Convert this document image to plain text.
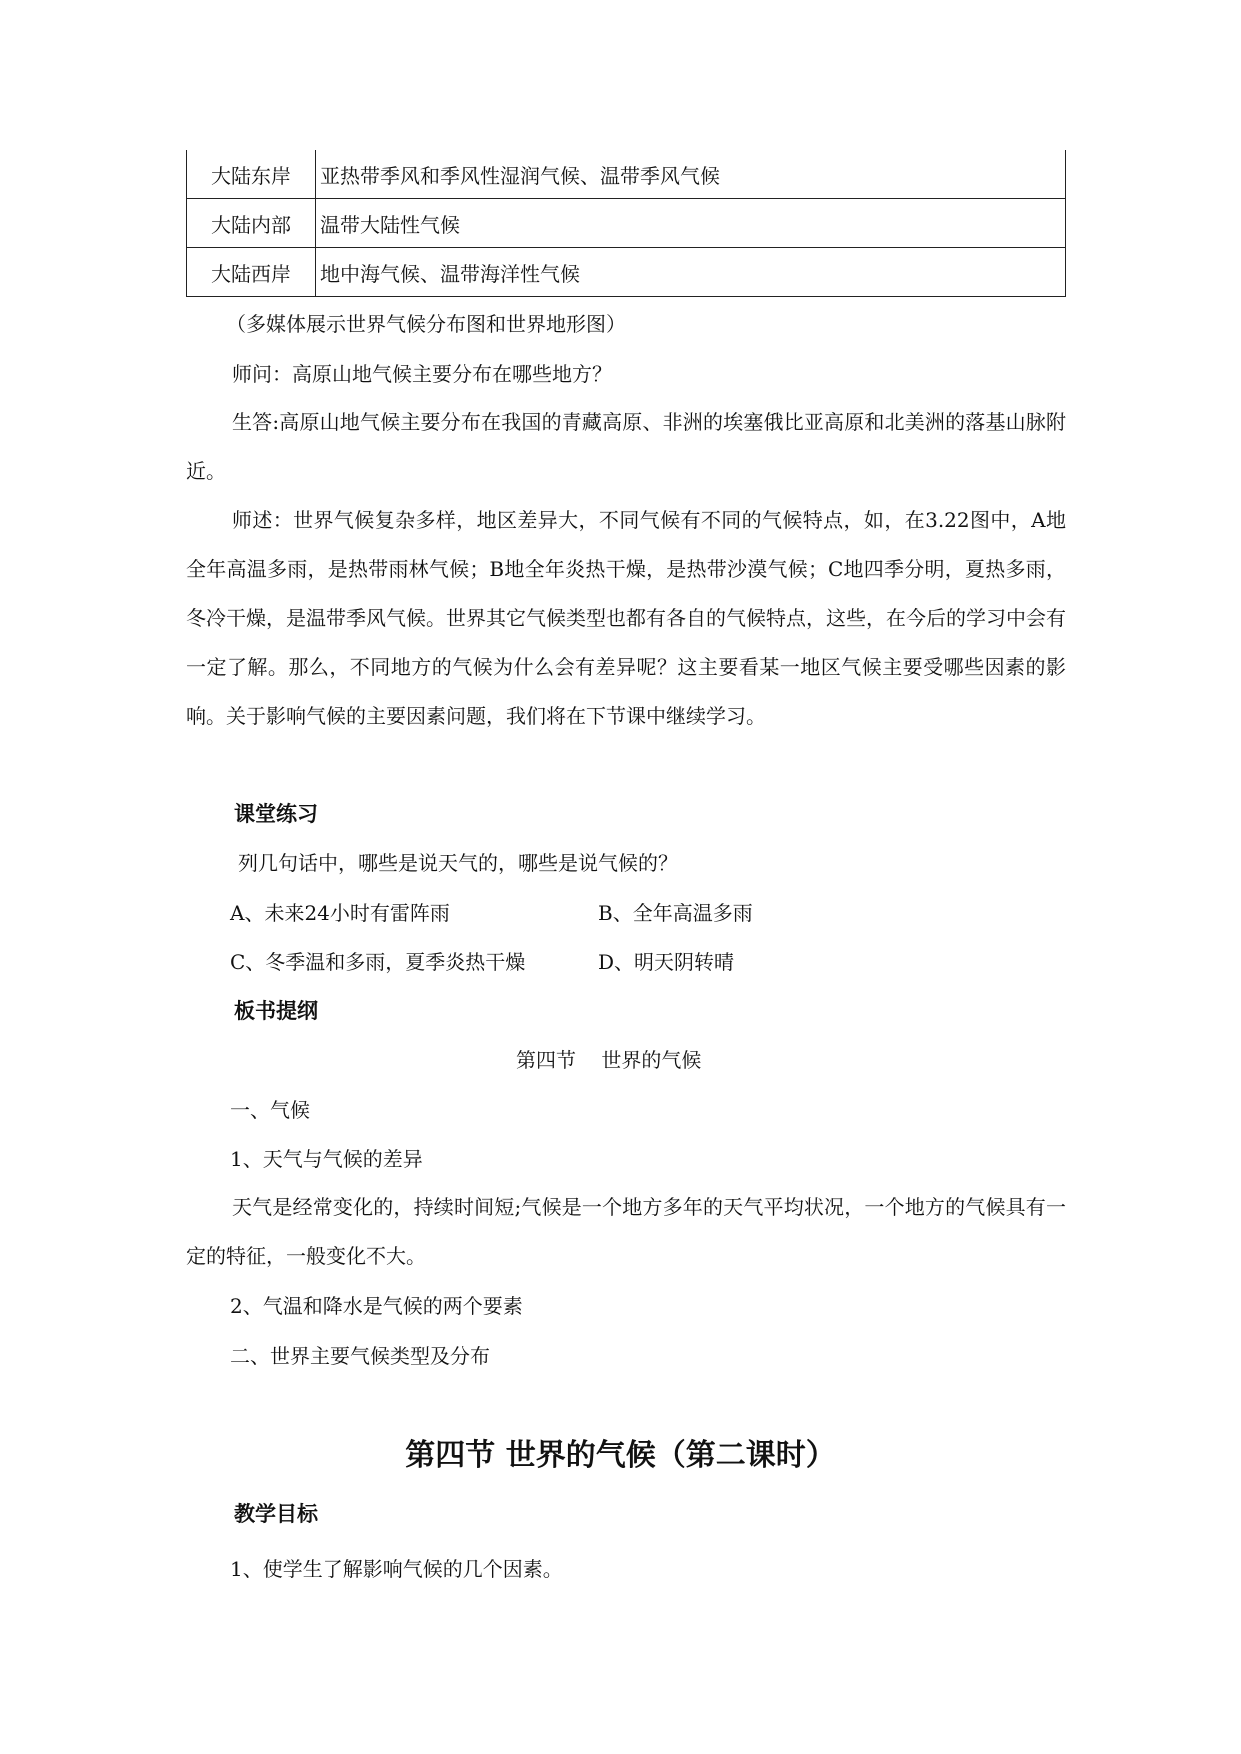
大陆东岸	亚热带季风和季风性湿润气候、温带季风气候
大陆内部	温带大陆性气候
大陆西岸	地中海气候、温带海洋性气候
（多媒体展示世界气候分布图和世界地形图）
师问：高原山地气候主要分布在哪些地方？
生答:高原山地气候主要分布在我国的青藏高原、非洲的埃塞俄比亚高原和北美洲的落基山脉附近。
师述：世界气候复杂多样，地区差异大，不同气候有不同的气候特点，如，在3.22图中，A地全年高温多雨，是热带雨林气候；B地全年炎热干燥，是热带沙漠气候；C地四季分明，夏热多雨，冬冷干燥，是温带季风气候。世界其它气候类型也都有各自的气候特点，这些，在今后的学习中会有一定了解。那么，不同地方的气候为什么会有差异呢？这主要看某一地区气候主要受哪些因素的影响。关于影响气候的主要因素问题，我们将在下节课中继续学习。
课堂练习
列几句话中，哪些是说天气的，哪些是说气候的？
A、未来24小时有雷阵雨	B、全年高温多雨
C、冬季温和多雨，夏季炎热干燥	D、明天阴转晴
板书提纲
第四节    世界的气候
一、气候
1、天气与气候的差异
天气是经常变化的，持续时间短;气候是一个地方多年的天气平均状况，一个地方的气候具有一定的特征，一般变化不大。
2、气温和降水是气候的两个要素
二、世界主要气候类型及分布
第四节 世界的气候（第二课时）
教学目标
1、使学生了解影响气候的几个因素。
